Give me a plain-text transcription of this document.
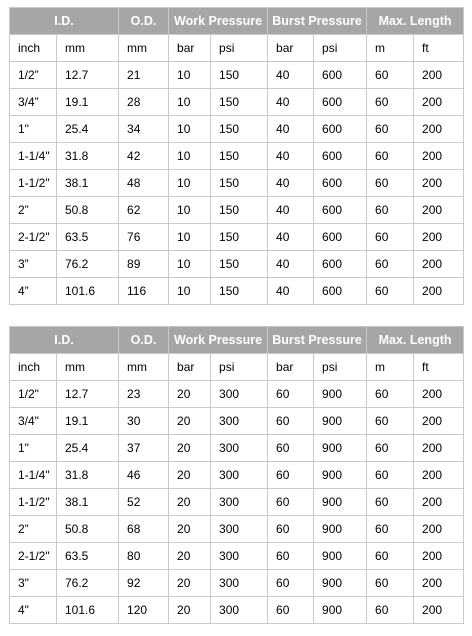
I.D.		O.D.	Work Pressure		Burst Pressure		Max. Length	
inch	mm	mm	bar	psi	bar	psi	m	ft
1/2”	12.7	21	10	150	40	600	60	200
3/4”	19.1	28	10	150	40	600	60	200
1"	25.4	34	10	150	40	600	60	200
1-1/4"	31.8	42	10	150	40	600	60	200
1-1/2"	38.1	48	10	150	40	600	60	200
2”	50.8	62	10	150	40	600	60	200
2-1/2"	63.5	76	10	150	40	600	60	200
3”	76.2	89	10	150	40	600	60	200
4”	101.6	116	10	150	40	600	60	200
I.D.		O.D.	Work Pressure		Burst Pressure		Max. Length	
inch	mm	mm	bar	psi	bar	psi	m	ft
1/2"	12.7	23	20	300	60	900	60	200
3/4"	19.1	30	20	300	60	900	60	200
1"	25.4	37	20	300	60	900	60	200
1-1/4"	31.8	46	20	300	60	900	60	200
1-1/2"	38.1	52	20	300	60	900	60	200
2”	50.8	68	20	300	60	900	60	200
2-1/2"	63.5	80	20	300	60	900	60	200
3"	76.2	92	20	300	60	900	60	200
4"	101.6	120	20	300	60	900	60	200
